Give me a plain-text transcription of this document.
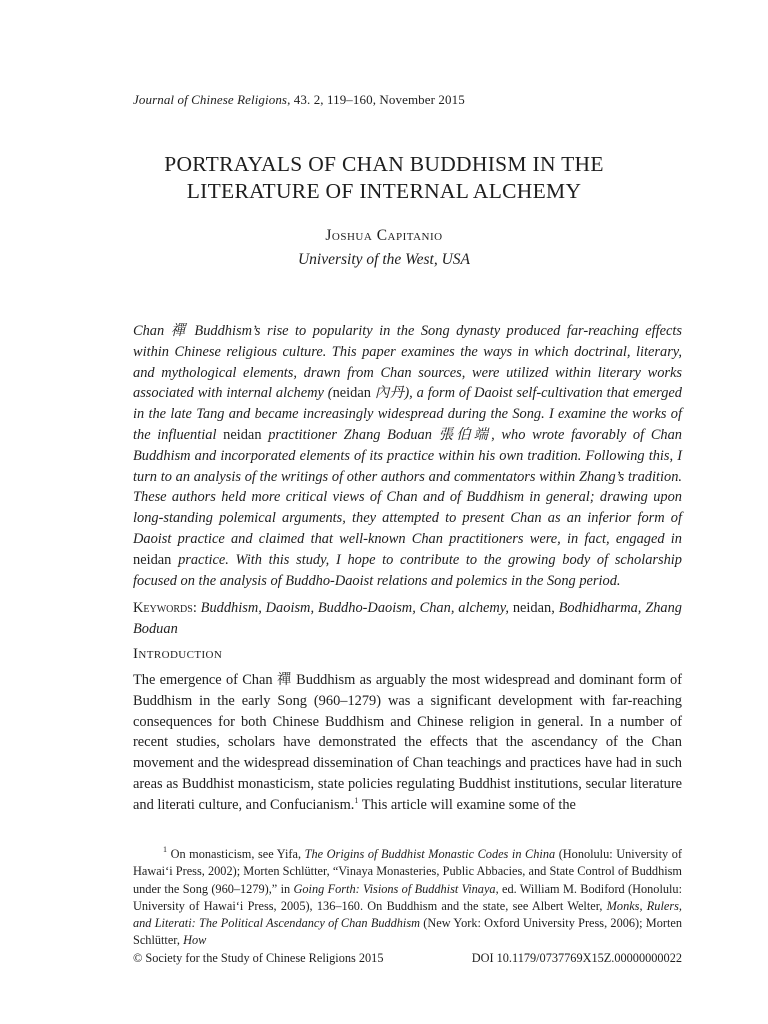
Journal of Chinese Religions, 43. 2, 119–160, November 2015
PORTRAYALS OF CHAN BUDDHISM IN THE LITERATURE OF INTERNAL ALCHEMY
Joshua Capitanio
University of the West, USA
Chan 禪 Buddhism’s rise to popularity in the Song dynasty produced far-reaching effects within Chinese religious culture. This paper examines the ways in which doctrinal, literary, and mythological elements, drawn from Chan sources, were utilized within literary works associated with internal alchemy (neidan 內丹), a form of Daoist self-cultivation that emerged in the late Tang and became increasingly widespread during the Song. I examine the works of the influential neidan practitioner Zhang Boduan 張伯端, who wrote favorably of Chan Buddhism and incorporated elements of its practice within his own tradition. Following this, I turn to an analysis of the writings of other authors and commentators within Zhang’s tradition. These authors held more critical views of Chan and of Buddhism in general; drawing upon long-standing polemical arguments, they attempted to present Chan as an inferior form of Daoist practice and claimed that well-known Chan practitioners were, in fact, engaged in neidan practice. With this study, I hope to contribute to the growing body of scholarship focused on the analysis of Buddho-Daoist relations and polemics in the Song period.
Keywords: Buddhism, Daoism, Buddho-Daoism, Chan, alchemy, neidan, Bodhidharma, Zhang Boduan
Introduction
The emergence of Chan 禪 Buddhism as arguably the most widespread and dominant form of Buddhism in the early Song (960–1279) was a significant development with far-reaching consequences for both Chinese Buddhism and Chinese religion in general. In a number of recent studies, scholars have demonstrated the effects that the ascendancy of the Chan movement and the widespread dissemination of Chan teachings and practices have had in such areas as Buddhist monasticism, state policies regulating Buddhist institutions, secular literature and literati culture, and Confucianism.$^1$ This article will examine some of the
$^1$ On monasticism, see Yifa, The Origins of Buddhist Monastic Codes in China (Honolulu: University of Hawai‘i Press, 2002); Morten Schlütter, “Vinaya Monasteries, Public Abbacies, and State Control of Buddhism under the Song (960–1279),” in Going Forth: Visions of Buddhist Vinaya, ed. William M. Bodiford (Honolulu: University of Hawai‘i Press, 2005), 136–160. On Buddhism and the state, see Albert Welter, Monks, Rulers, and Literati: The Political Ascendancy of Chan Buddhism (New York: Oxford University Press, 2006); Morten Schlütter, How
© Society for the Study of Chinese Religions 2015	DOI 10.1179/0737769X15Z.00000000022
